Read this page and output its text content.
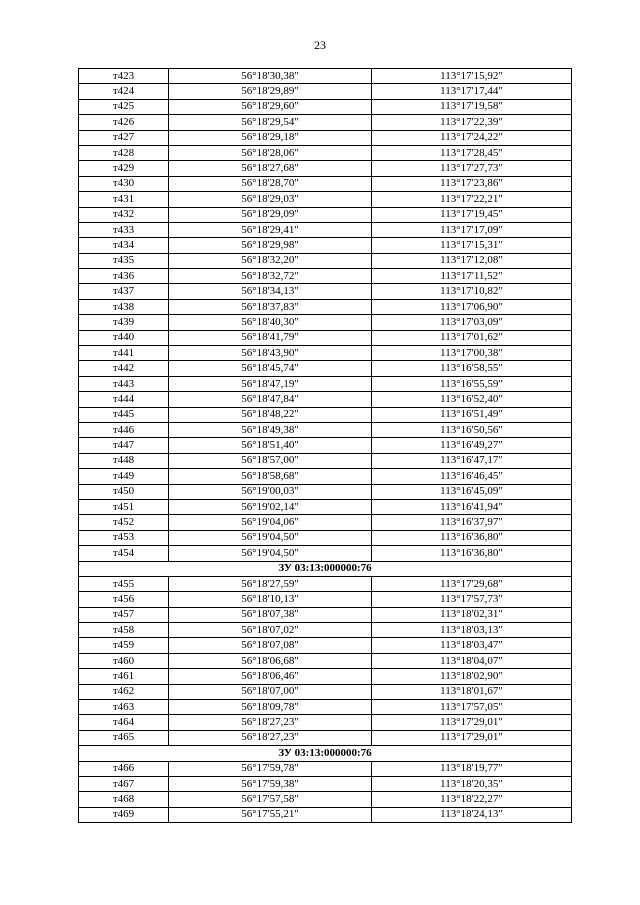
23
т423	56°18'30,38"	113°17'15,92"
т424	56°18'29,89"	113°17'17,44"
т425	56°18'29,60"	113°17'19,58"
т426	56°18'29,54"	113°17'22,39"
т427	56°18'29,18"	113°17'24,22"
т428	56°18'28,06"	113°17'28,45"
т429	56°18'27,68"	113°17'27,73"
т430	56°18'28,70"	113°17'23,86"
т431	56°18'29,03"	113°17'22,21"
т432	56°18'29,09"	113°17'19,45"
т433	56°18'29,41"	113°17'17,09"
т434	56°18'29,98"	113°17'15,31"
т435	56°18'32,20"	113°17'12,08"
т436	56°18'32,72"	113°17'11,52"
т437	56°18'34,13"	113°17'10,82"
т438	56°18'37,83"	113°17'06,90"
т439	56°18'40,30"	113°17'03,09"
т440	56°18'41,79"	113°17'01,62"
т441	56°18'43,90"	113°17'00,38"
т442	56°18'45,74"	113°16'58,55"
т443	56°18'47,19"	113°16'55,59"
т444	56°18'47,84"	113°16'52,40"
т445	56°18'48,22"	113°16'51,49"
т446	56°18'49,38"	113°16'50,56"
т447	56°18'51,40"	113°16'49,27"
т448	56°18'57,00"	113°16'47,17"
т449	56°18'58,68"	113°16'46,45"
т450	56°19'00,03"	113°16'45,09"
т451	56°19'02,14"	113°16'41,94"
т452	56°19'04,06"	113°16'37,97"
т453	56°19'04,50"	113°16'36,80"
т454	56°19'04,50"	113°16'36,80"
ЗУ 03:13:000000:76		
т455	56°18'27,59"	113°17'29,68"
т456	56°18'10,13"	113°17'57,73"
т457	56°18'07,38"	113°18'02,31"
т458	56°18'07,02"	113°18'03,13"
т459	56°18'07,08"	113°18'03,47"
т460	56°18'06,68"	113°18'04,07"
т461	56°18'06,46"	113°18'02,90"
т462	56°18'07,00"	113°18'01,67"
т463	56°18'09,78"	113°17'57,05"
т464	56°18'27,23"	113°17'29,01"
т465	56°18'27,23"	113°17'29,01"
ЗУ 03:13:000000:76		
т466	56°17'59,78"	113°18'19,77"
т467	56°17'59,38"	113°18'20,35"
т468	56°17'57,58"	113°18'22,27"
т469	56°17'55,21"	113°18'24,13"
